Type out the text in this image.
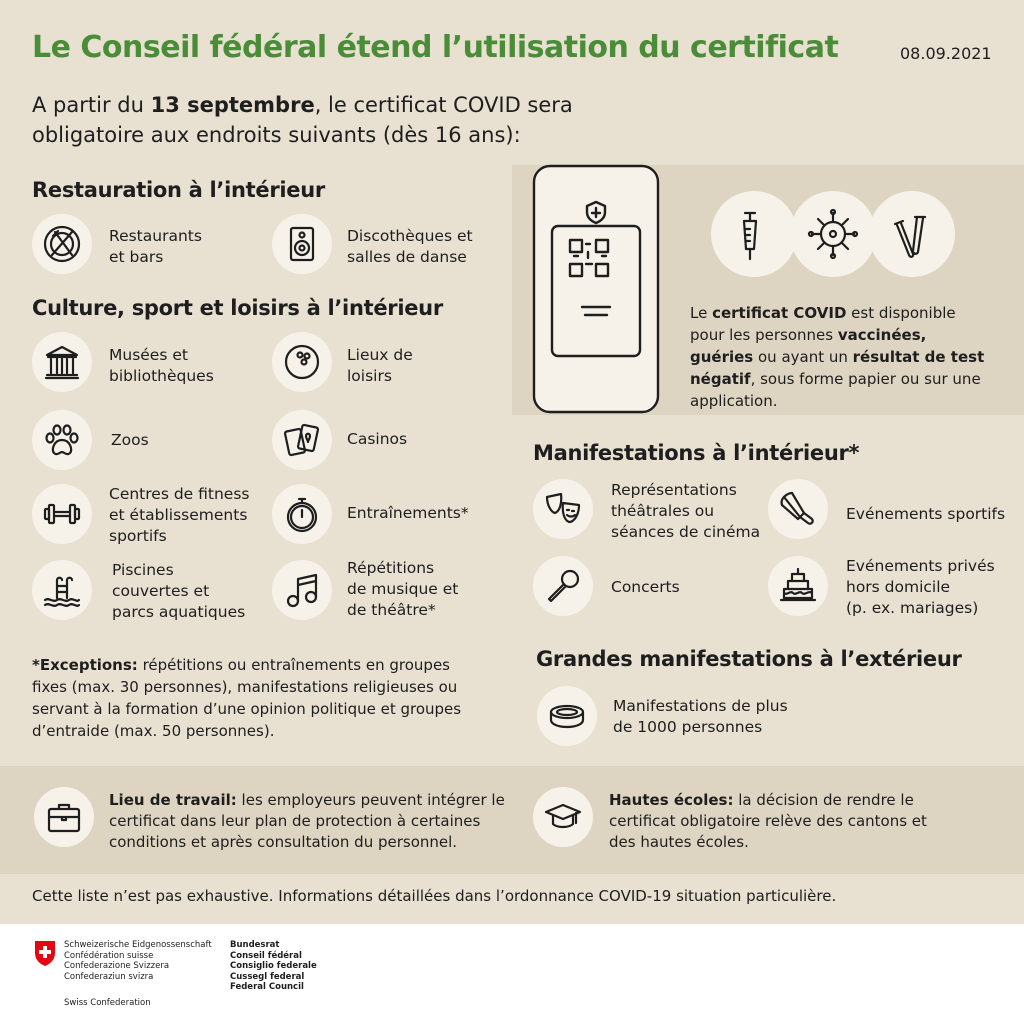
Le Conseil fédéral étend l’utilisation du certificat	08.09.2021
A partir du 13 septembre, le certificat COVID sera obligatoire aux endroits suivants (dès 16 ans):
Restauration à l’intérieur
Restaurants
et bars
Discothèques et
salles de danse
Culture, sport et loisirs à l’intérieur
Musées et
bibliothèques
Lieux de
loisirs
Zoos	Casinos
Centres de fitness
et établissements
sportifs
Entraînements*
Piscines
couvertes et
parcs aquatiques
Répétitions
de musique et
de théâtre*
*Exceptions: répétitions ou entraînements en groupes fixes (max. 30 personnes), manifestations religieuses ou servant à la formation d’une opinion politique et groupes d’entraide (max. 50 personnes).
Le certificat COVID est disponible pour les personnes vaccinées, guéries ou ayant un résultat de test négatif, sous forme papier ou sur une application.
Manifestations à l’intérieur*
Représentations
théâtrales ou
séances de cinéma
Evénements sportifs
Concerts
Evénements privés
hors domicile
(p. ex. mariages)
Grandes manifestations à l’extérieur
Manifestations de plus
de 1000 personnes
Lieu de travail: les employeurs peuvent intégrer le certificat dans leur plan de protection à certaines conditions et après consultation du personnel.
Hautes écoles: la décision de rendre le certificat obligatoire relève des cantons et des hautes écoles.
Cette liste n’est pas exhaustive. Informations détaillées dans l’ordonnance COVID-19 situation particulière.
Schweizerische Eidgenossenschaft
Confédération suisse
Confederazione Svizzera
Confederaziun svizra
Swiss Confederation
Bundesrat
Conseil fédéral
Consiglio federale
Cussegl federal
Federal Council
